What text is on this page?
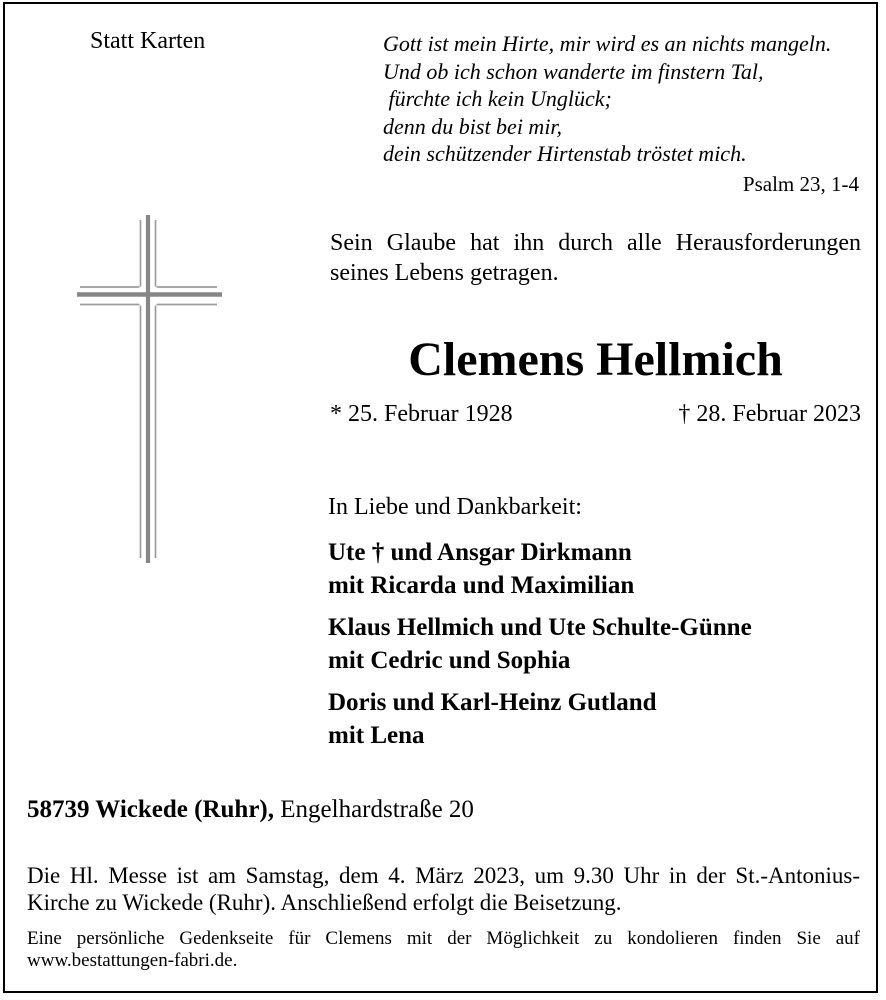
Statt Karten	Gott ist mein Hirte, mir wird es an nichts mangeln.
Und ob ich schon wanderte im finstern Tal,
fürchte ich kein Unglück;
denn du bist bei mir,
dein schützender Hirtenstab tröstet mich.
Psalm 23, 1-4
Sein Glaube hat ihn durch alle Herausforderungen
seines Lebens getragen.
Clemens Hellmich
* 25. Februar 1928	† 28. Februar 2023
In Liebe und Dankbarkeit:
Ute † und Ansgar Dirkmann
mit Ricarda und Maximilian
Klaus Hellmich und Ute Schulte-Günne
mit Cedric und Sophia
Doris und Karl-Heinz Gutland
mit Lena
58739 Wickede (Ruhr), Engelhardstraße 20
Die Hl. Messe ist am Samstag, dem 4. März 2023, um 9.30 Uhr in der St.-Antonius-
Kirche zu Wickede (Ruhr). Anschließend erfolgt die Beisetzung.
Eine persönliche Gedenkseite für Clemens mit der Möglichkeit zu kondolieren finden Sie auf
www.bestattungen-fabri.de.
